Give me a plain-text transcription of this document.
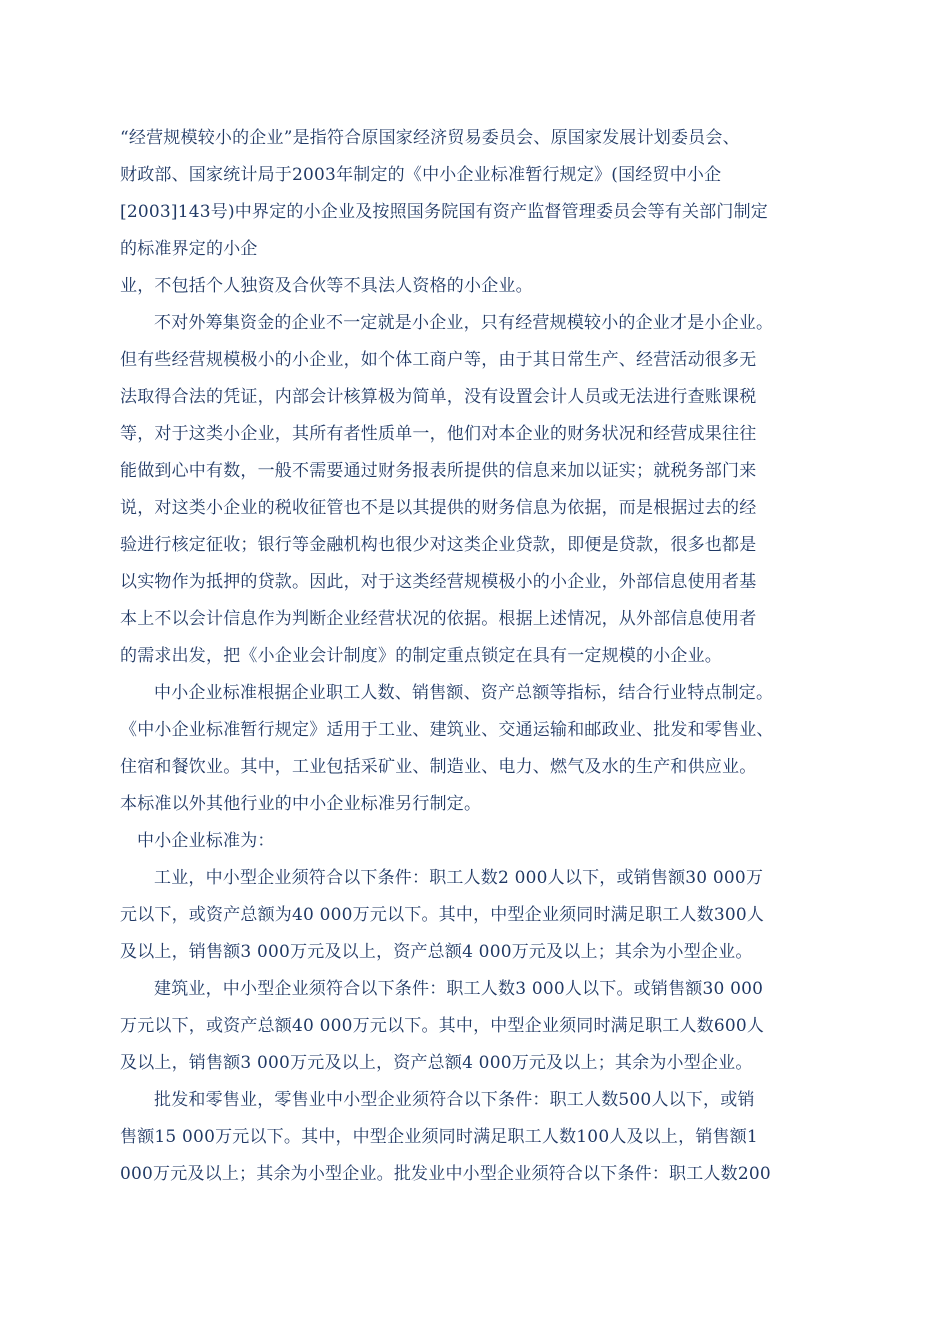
“经营规模较小的企业”是指符合原国家经济贸易委员会、原国家发展计划委员会、
财政部、国家统计局于2003年制定的《中小企业标准暂行规定》(国经贸中小企
[2003]143号)中界定的小企业及按照国务院国有资产监督管理委员会等有关部门制定
的标准界定的小企
业，不包括个人独资及合伙等不具法人资格的小企业。
不对外筹集资金的企业不一定就是小企业，只有经营规模较小的企业才是小企业。
但有些经营规模极小的小企业，如个体工商户等，由于其日常生产、经营活动很多无
法取得合法的凭证，内部会计核算极为简单，没有设置会计人员或无法进行查账课税
等，对于这类小企业，其所有者性质单一，他们对本企业的财务状况和经营成果往往
能做到心中有数，一般不需要通过财务报表所提供的信息来加以证实；就税务部门来
说，对这类小企业的税收征管也不是以其提供的财务信息为依据，而是根据过去的经
验进行核定征收；银行等金融机构也很少对这类企业贷款，即便是贷款，很多也都是
以实物作为抵押的贷款。因此，对于这类经营规模极小的小企业，外部信息使用者基
本上不以会计信息作为判断企业经营状况的依据。根据上述情况，从外部信息使用者
的需求出发，把《小企业会计制度》的制定重点锁定在具有一定规模的小企业。
中小企业标准根据企业职工人数、销售额、资产总额等指标，结合行业特点制定。
《中小企业标准暂行规定》适用于工业、建筑业、交通运输和邮政业、批发和零售业、
住宿和餐饮业。其中，工业包括采矿业、制造业、电力、燃气及水的生产和供应业。
本标准以外其他行业的中小企业标准另行制定。
中小企业标准为：
工业，中小型企业须符合以下条件：职工人数2 000人以下，或销售额30 000万
元以下，或资产总额为40 000万元以下。其中，中型企业须同时满足职工人数300人
及以上，销售额3 000万元及以上，资产总额4 000万元及以上；其余为小型企业。
建筑业，中小型企业须符合以下条件：职工人数3 000人以下。或销售额30 000
万元以下，或资产总额40 000万元以下。其中，中型企业须同时满足职工人数600人
及以上，销售额3 000万元及以上，资产总额4 000万元及以上；其余为小型企业。
批发和零售业，零售业中小型企业须符合以下条件：职工人数500人以下，或销
售额15 000万元以下。其中，中型企业须同时满足职工人数100人及以上，销售额1
000万元及以上；其余为小型企业。批发业中小型企业须符合以下条件：职工人数200
